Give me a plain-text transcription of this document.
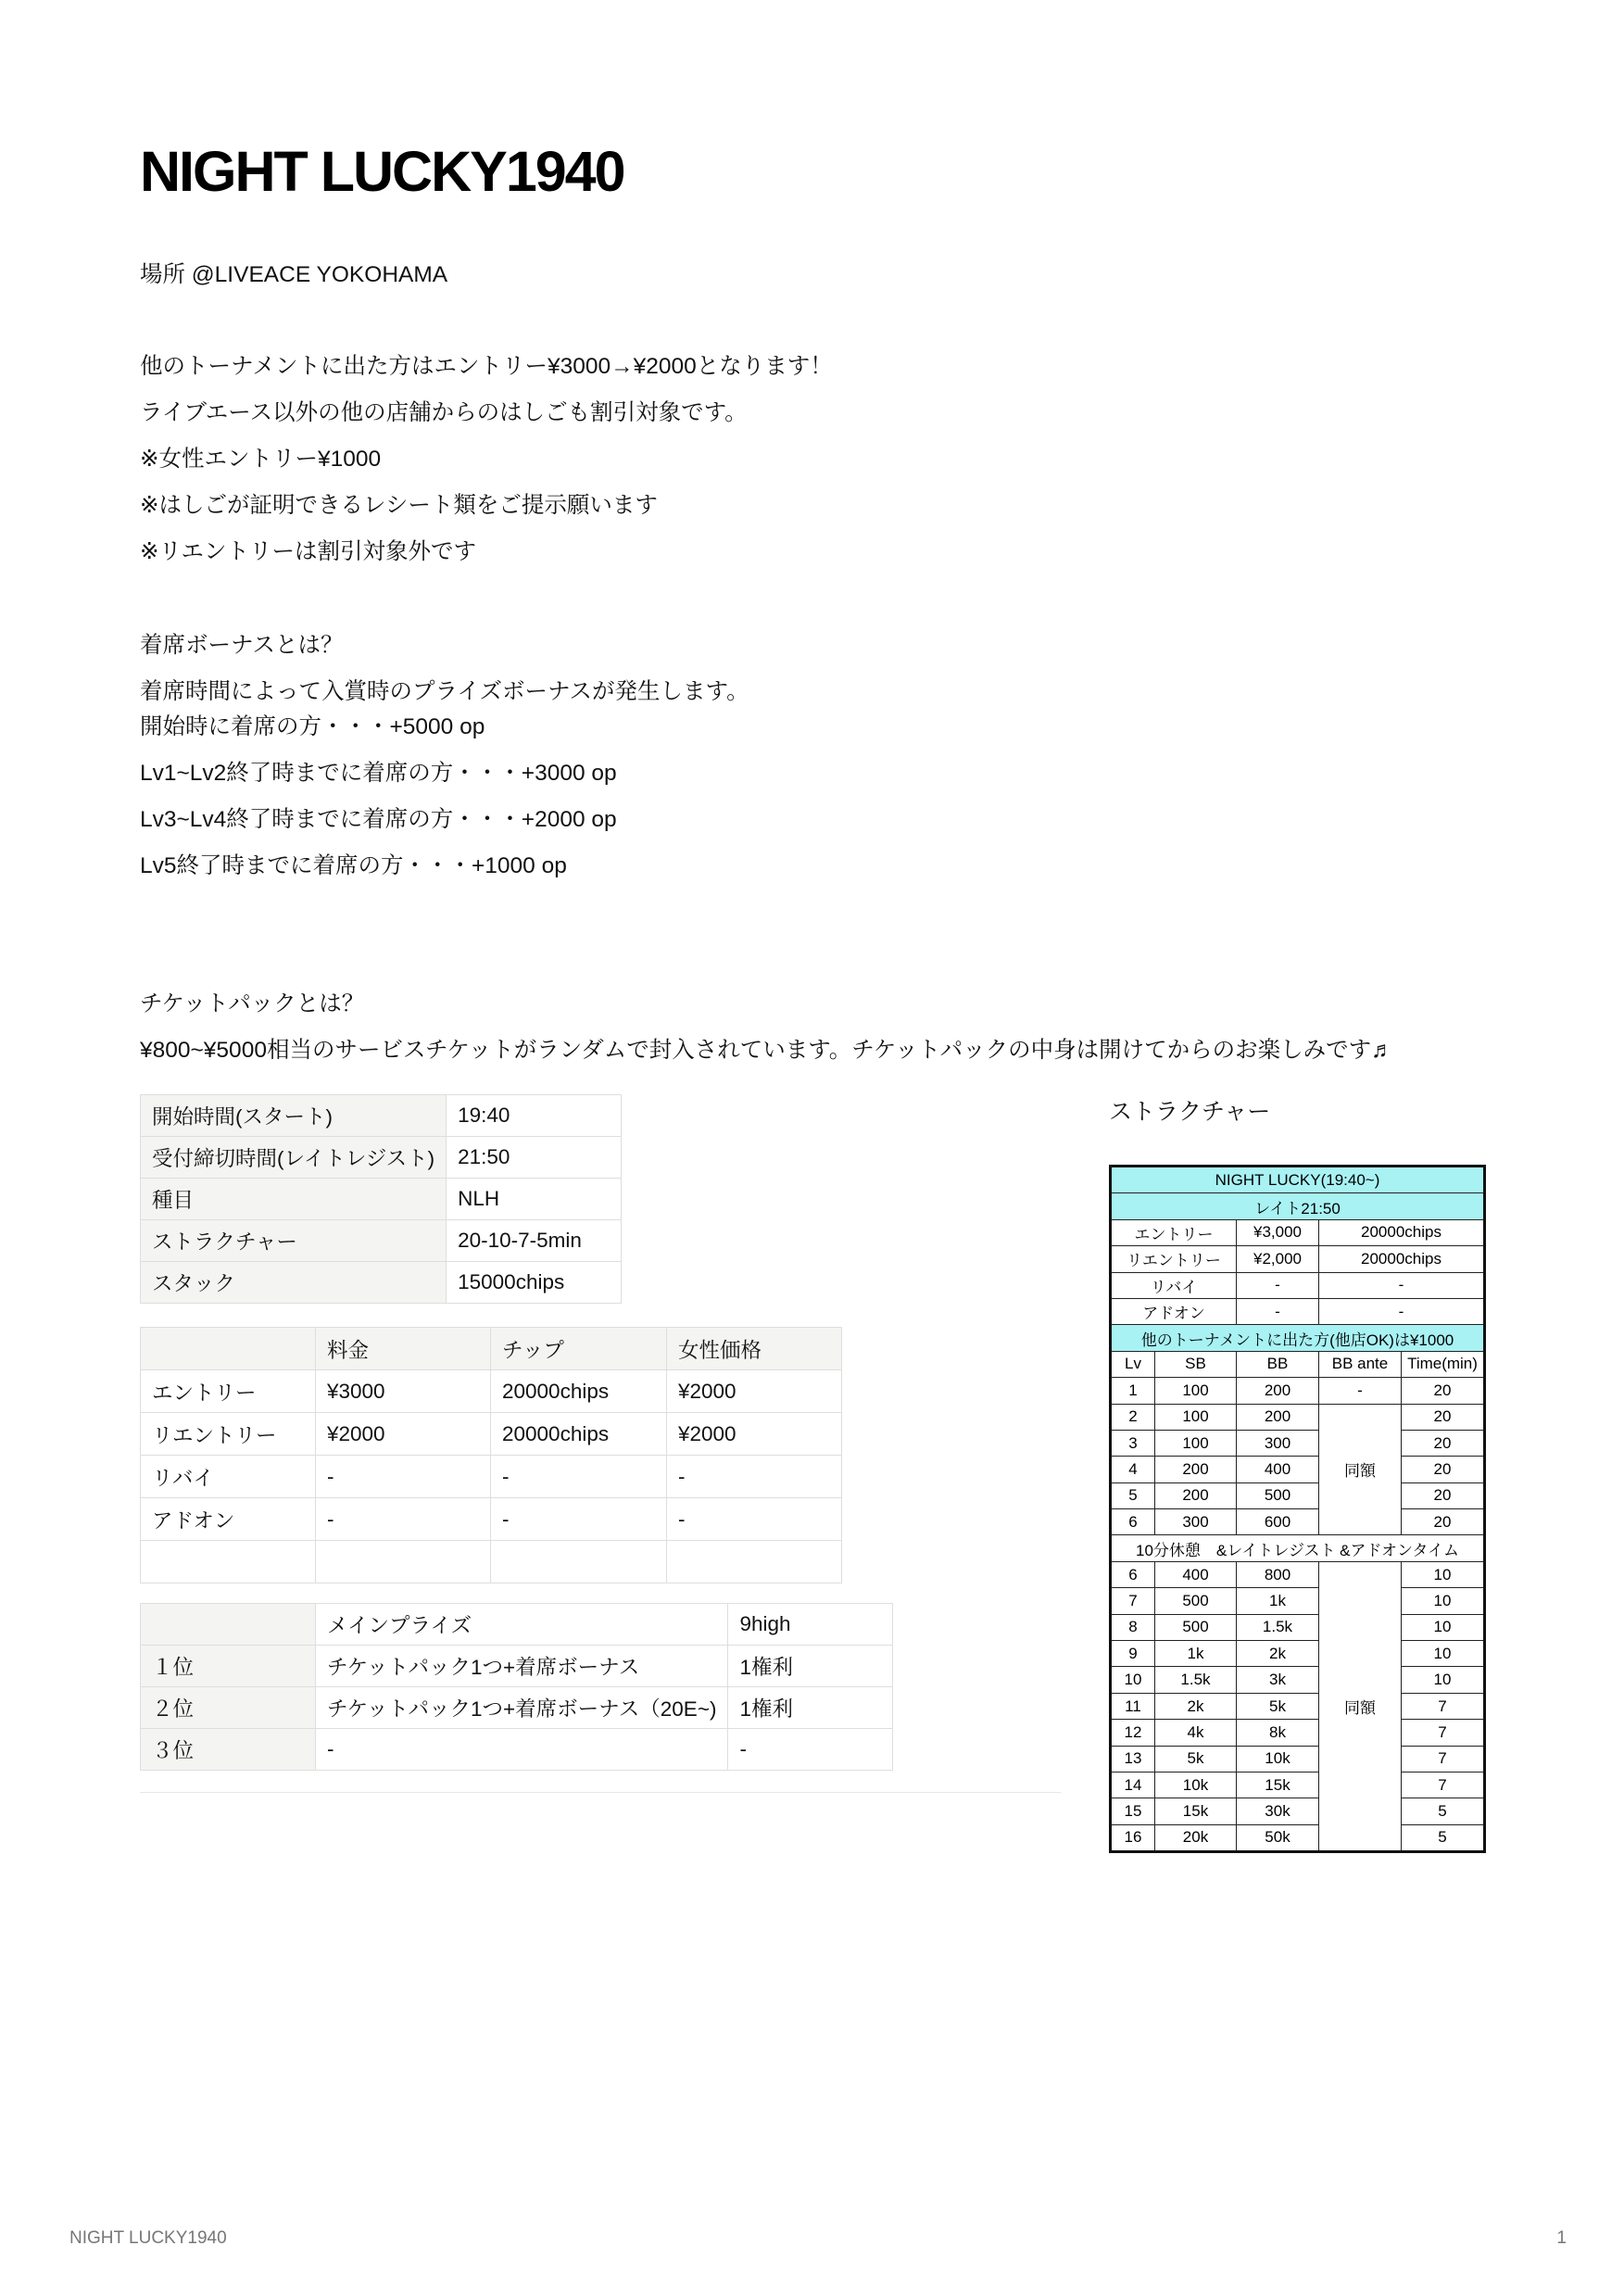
NIGHT LUCKY1940
場所 @LIVEACE YOKOHAMA
他のトーナメントに出た方はエントリー¥3000→¥2000となります！
ライブエース以外の他の店舗からのはしごも割引対象です。
※女性エントリー¥1000
※はしごが証明できるレシート類をご提示願います
※リエントリーは割引対象外です
着席ボーナスとは？
着席時間によって入賞時のプライズボーナスが発生します。
開始時に着席の方・・・+5000 op
Lv1~Lv2終了時までに着席の方・・・+3000 op
Lv3~Lv4終了時までに着席の方・・・+2000 op
Lv5終了時までに着席の方・・・+1000 op
チケットパックとは？
¥800~¥5000相当のサービスチケットがランダムで封入されています。チケットパックの中身は開けてからのお楽しみです♬
開始時間(スタート)	19:40
受付締切時間(レイトレジスト)	21:50
種目	NLH
ストラクチャー	20-10-7-5min
スタック	15000chips
	料金	チップ	女性価格
エントリー	¥3000	20000chips	¥2000
リエントリー	¥2000	20000chips	¥2000
リバイ	-	-	-
アドオン	-	-	-

	メインプライズ	9high
１位	チケットパック1つ+着席ボーナス	1権利
２位	チケットパック1つ+着席ボーナス（20E~)	1権利
３位	-	-
ストラクチャー
NIGHT LUCKY(19:40~)				
レイト21:50				
エントリー		¥3,000	20000chips	
リエントリー		¥2,000	20000chips	
リバイ		-	-	
アドオン		-	-	
他のトーナメントに出た方(他店OK)は¥1000				
Lv	SB	BB	BB ante	Time(min)
1	100	200	-	20
2	100	200	同額	20
3	100	300		20
4	200	400		20
5	200	500		20
6	300	600		20
10分休憩　&レイトレジスト &アドオンタイム				
6	400	800	同額	10
7	500	1k		10
8	500	1.5k		10
9	1k	2k		10
10	1.5k	3k		10
11	2k	5k		7
12	4k	8k		7
13	5k	10k		7
14	10k	15k		7
15	15k	30k		5
16	20k	50k		5
NIGHT LUCKY1940	1
